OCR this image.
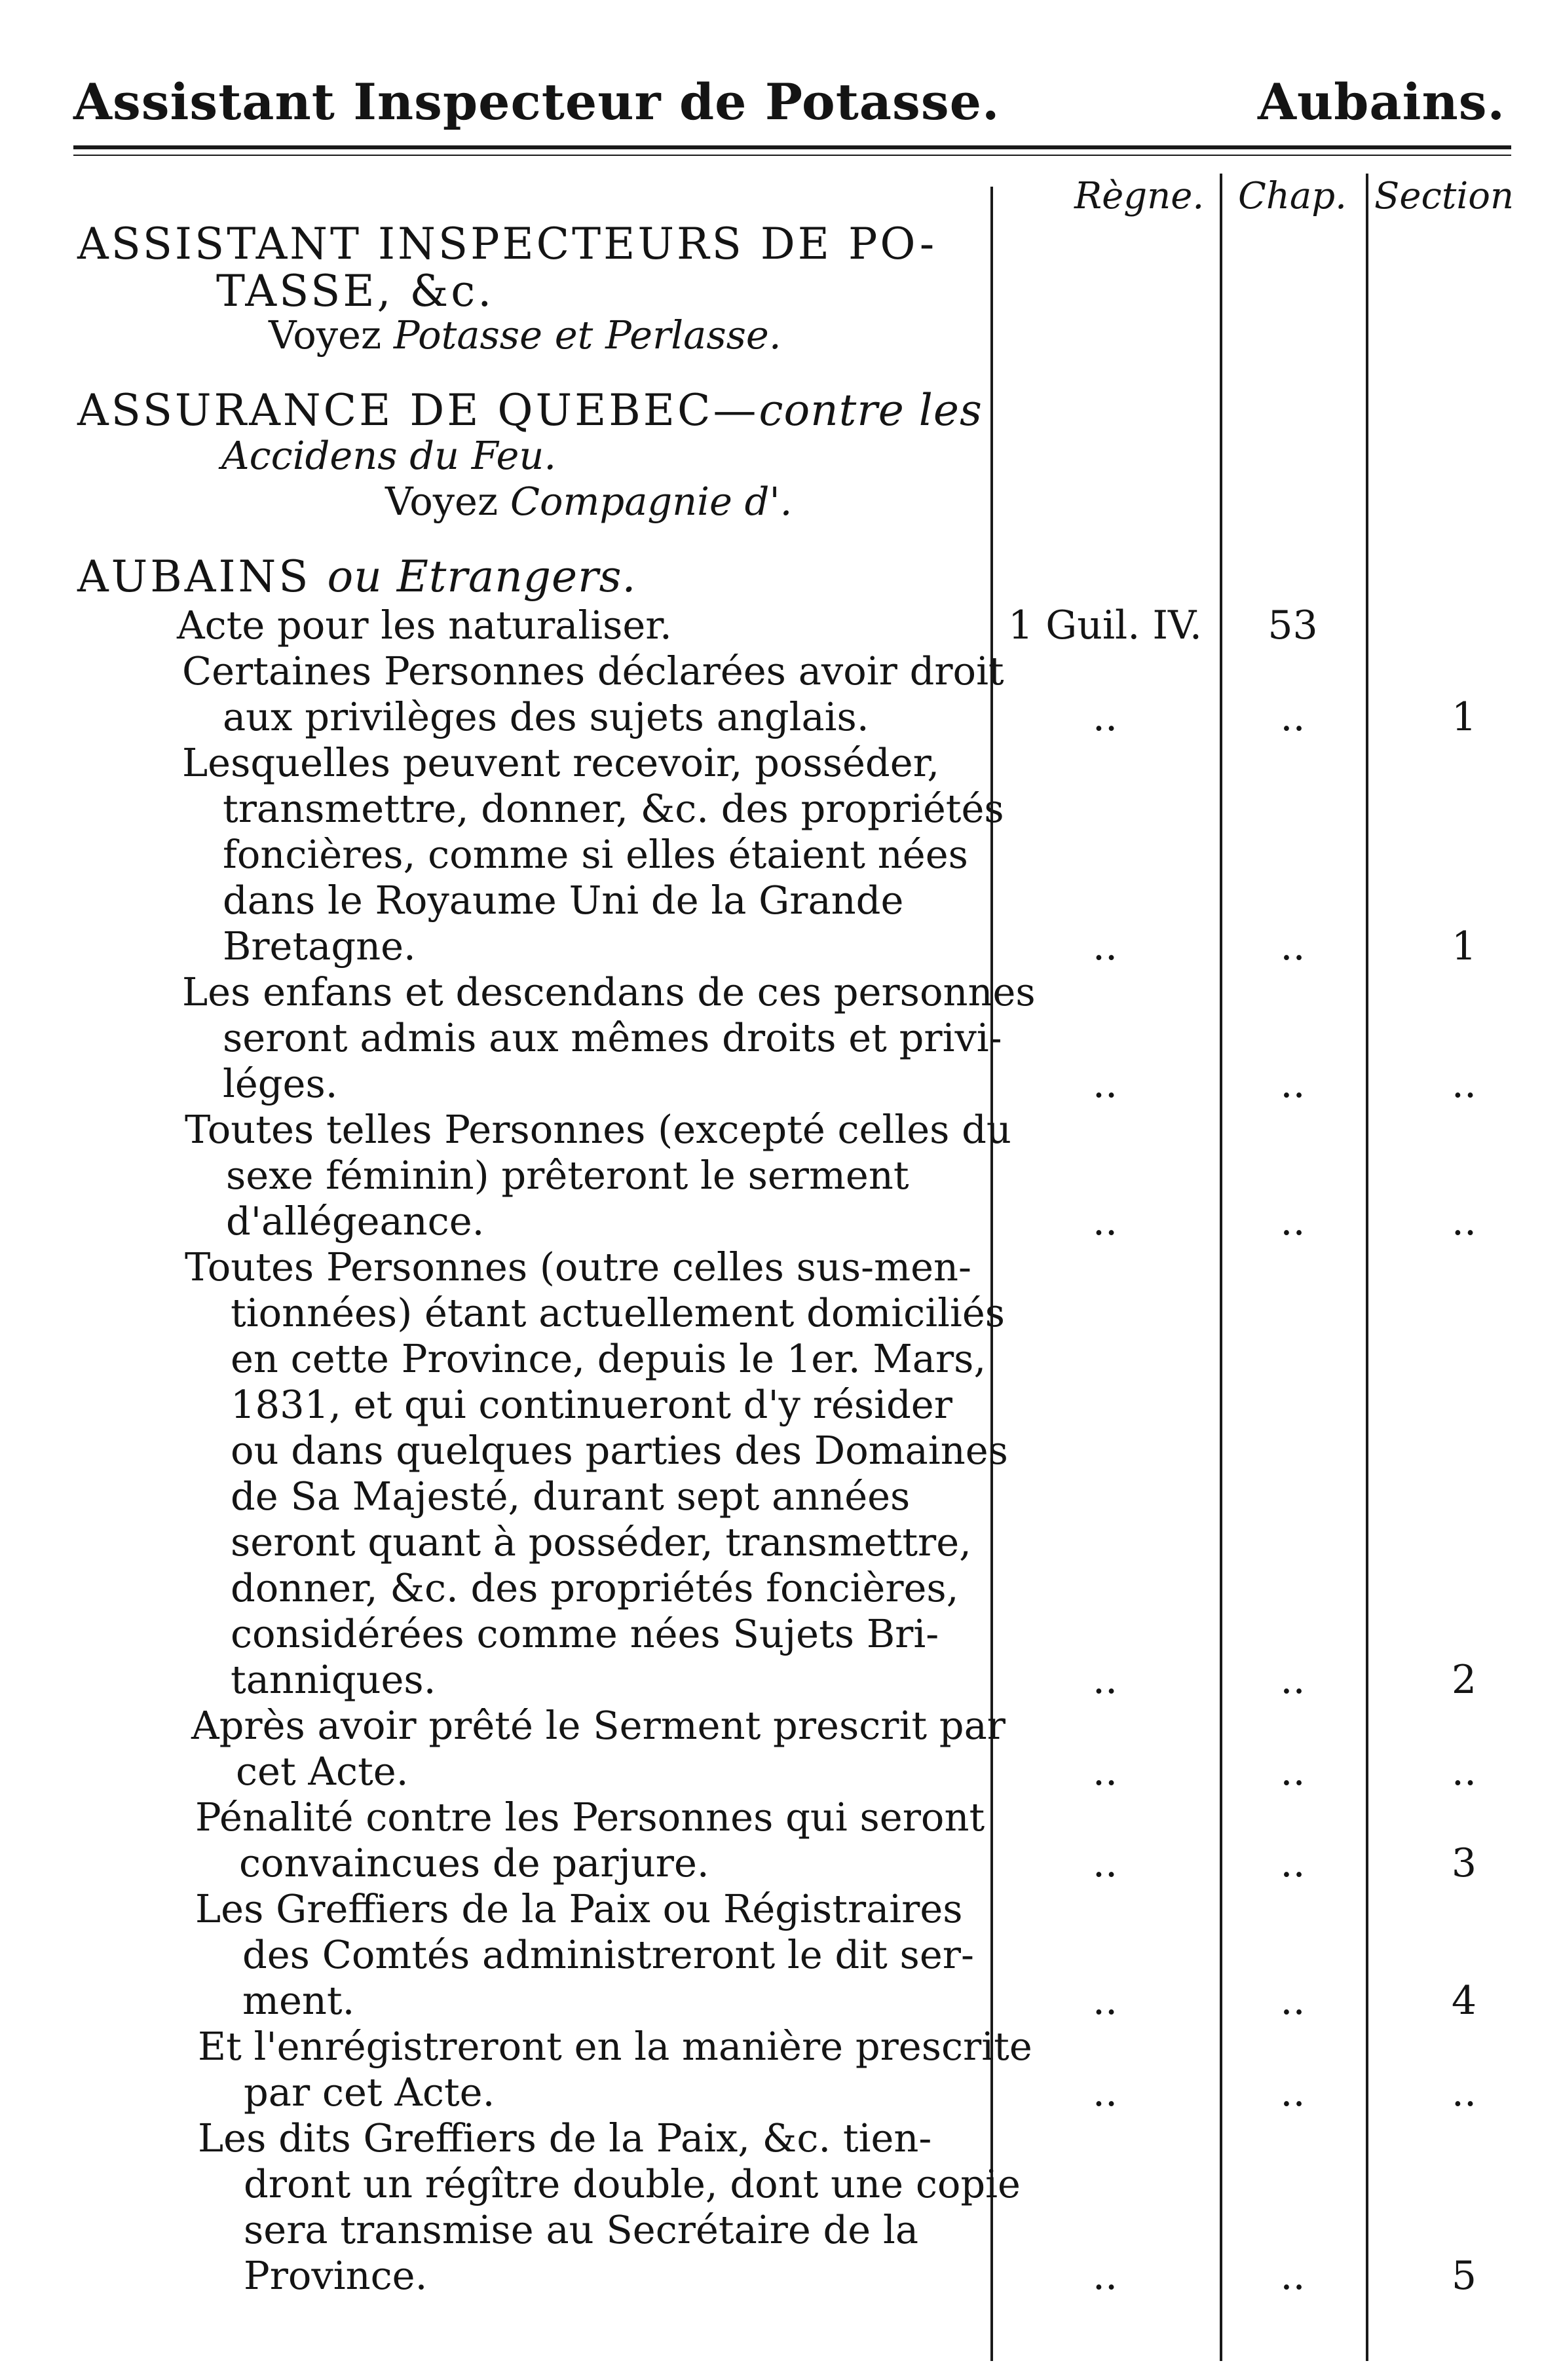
Assistant Inspecteur de Potasse.	Aubains.
Règne. Chap. Section
ASSISTANT INSPECTEURS DE PO-
TASSE, &c.
Voyez Potasse et Perlasse.
ASSURANCE DE QUEBEC—contre les
Accidens du Feu.
Voyez Compagnie d'.
AUBAINS ou Etrangers.
Acte pour les naturaliser.	1 Guil. IV.	53
Certaines Personnes déclarées avoir droit
aux privilèges des sujets anglais.	..	..	1
Lesquelles peuvent recevoir, posséder,
transmettre, donner, &c. des propriétés
foncières, comme si elles étaient nées
dans le Royaume Uni de la Grande
Bretagne.	..	..	1
Les enfans et descendans de ces personnes
seront admis aux mêmes droits et privi-
léges.	..	..	..
Toutes telles Personnes (excepté celles du
sexe féminin) prêteront le serment
d'allégeance.	..	..	..
Toutes Personnes (outre celles sus-men-
tionnées) étant actuellement domiciliés
en cette Province, depuis le 1er. Mars,
1831, et qui continueront d'y résider
ou dans quelques parties des Domaines
de Sa Majesté, durant sept années
seront quant à posséder, transmettre,
donner, &c. des propriétés foncières,
considérées comme nées Sujets Bri-
tanniques.	..	..	2
Après avoir prêté le Serment prescrit par
cet Acte.	..	..	..
Pénalité contre les Personnes qui seront
convaincues de parjure.	..	..	3
Les Greffiers de la Paix ou Régistraires
des Comtés administreront le dit ser-
ment.	..	..	4
Et l'enrégistreront en la manière prescrite
par cet Acte.	..	..	..
Les dits Greffiers de la Paix, &c. tien-
dront un régître double, dont une copie
sera transmise au Secrétaire de la
Province.	..	..	5
